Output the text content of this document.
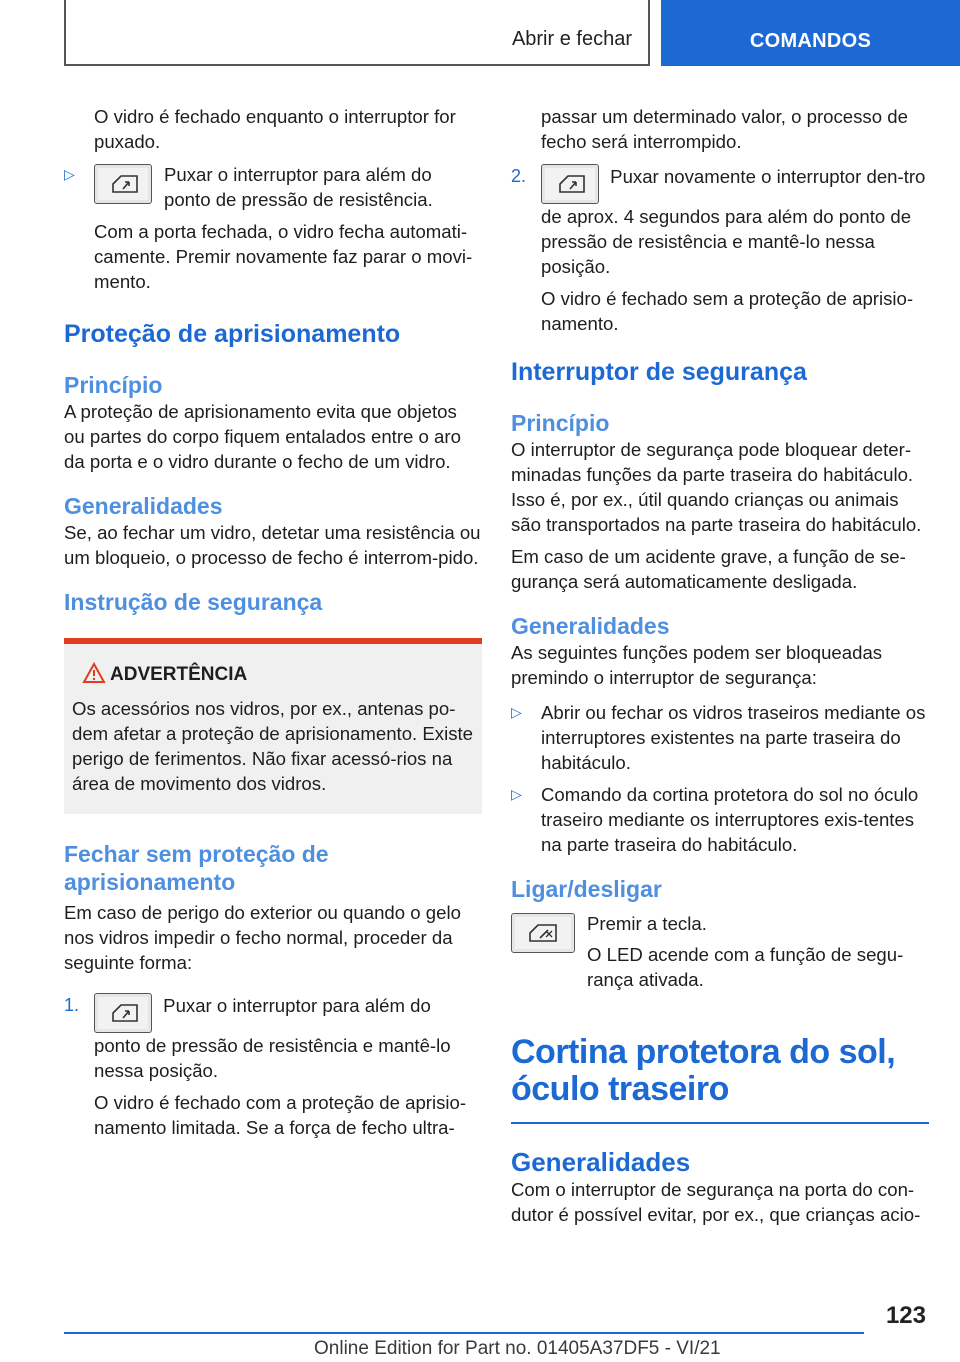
Abrir e fechar	COMANDOS
O vidro é fechado enquanto o interruptor for puxado.
▷	Puxar o interruptor para além do ponto de pressão de resistência.
Com a porta fechada, o vidro fecha automati-camente. Premir novamente faz parar o movi-mento.
Proteção de aprisionamento
Princípio
A proteção de aprisionamento evita que objetos ou partes do corpo fiquem entalados entre o aro da porta e o vidro durante o fecho de um vidro.
Generalidades
Se, ao fechar um vidro, detetar uma resistência ou um bloqueio, o processo de fecho é interrom-pido.
Instrução de segurança
ADVERTÊNCIA
Os acessórios nos vidros, por ex., antenas po-dem afetar a proteção de aprisionamento. Existe perigo de ferimentos. Não fixar acessó-rios na área de movimento dos vidros.
Fechar sem proteção de aprisionamento
Em caso de perigo do exterior ou quando o gelo nos vidros impedir o fecho normal, proceder da seguinte forma:
1.	Puxar o interruptor para além do ponto de pressão de resistência e mantê-lo nessa posição.
O vidro é fechado com a proteção de aprisio-namento limitada. Se a força de fecho ultra-
passar um determinado valor, o processo de fecho será interrompido.
2.	Puxar novamente o interruptor den-tro de aprox. 4 segundos para além do ponto de pressão de resistência e mantê-lo nessa posição.
O vidro é fechado sem a proteção de aprisio-namento.
Interruptor de segurança
Princípio
O interruptor de segurança pode bloquear deter-minadas funções da parte traseira do habitáculo. Isso é, por ex., útil quando crianças ou animais são transportados na parte traseira do habitáculo.
Em caso de um acidente grave, a função de se-gurança será automaticamente desligada.
Generalidades
As seguintes funções podem ser bloqueadas premindo o interruptor de segurança:
▷ Abrir ou fechar os vidros traseiros mediante os interruptores existentes na parte traseira do habitáculo.
▷ Comando da cortina protetora do sol no óculo traseiro mediante os interruptores exis-tentes na parte traseira do habitáculo.
Ligar/desligar
Premir a tecla.
O LED acende com a função de segu-rança ativada.
Cortina protetora do sol, óculo traseiro
Generalidades
Com o interruptor de segurança na porta do con-dutor é possível evitar, por ex., que crianças acio-
123
Online Edition for Part no. 01405A37DF5 - VI/21
